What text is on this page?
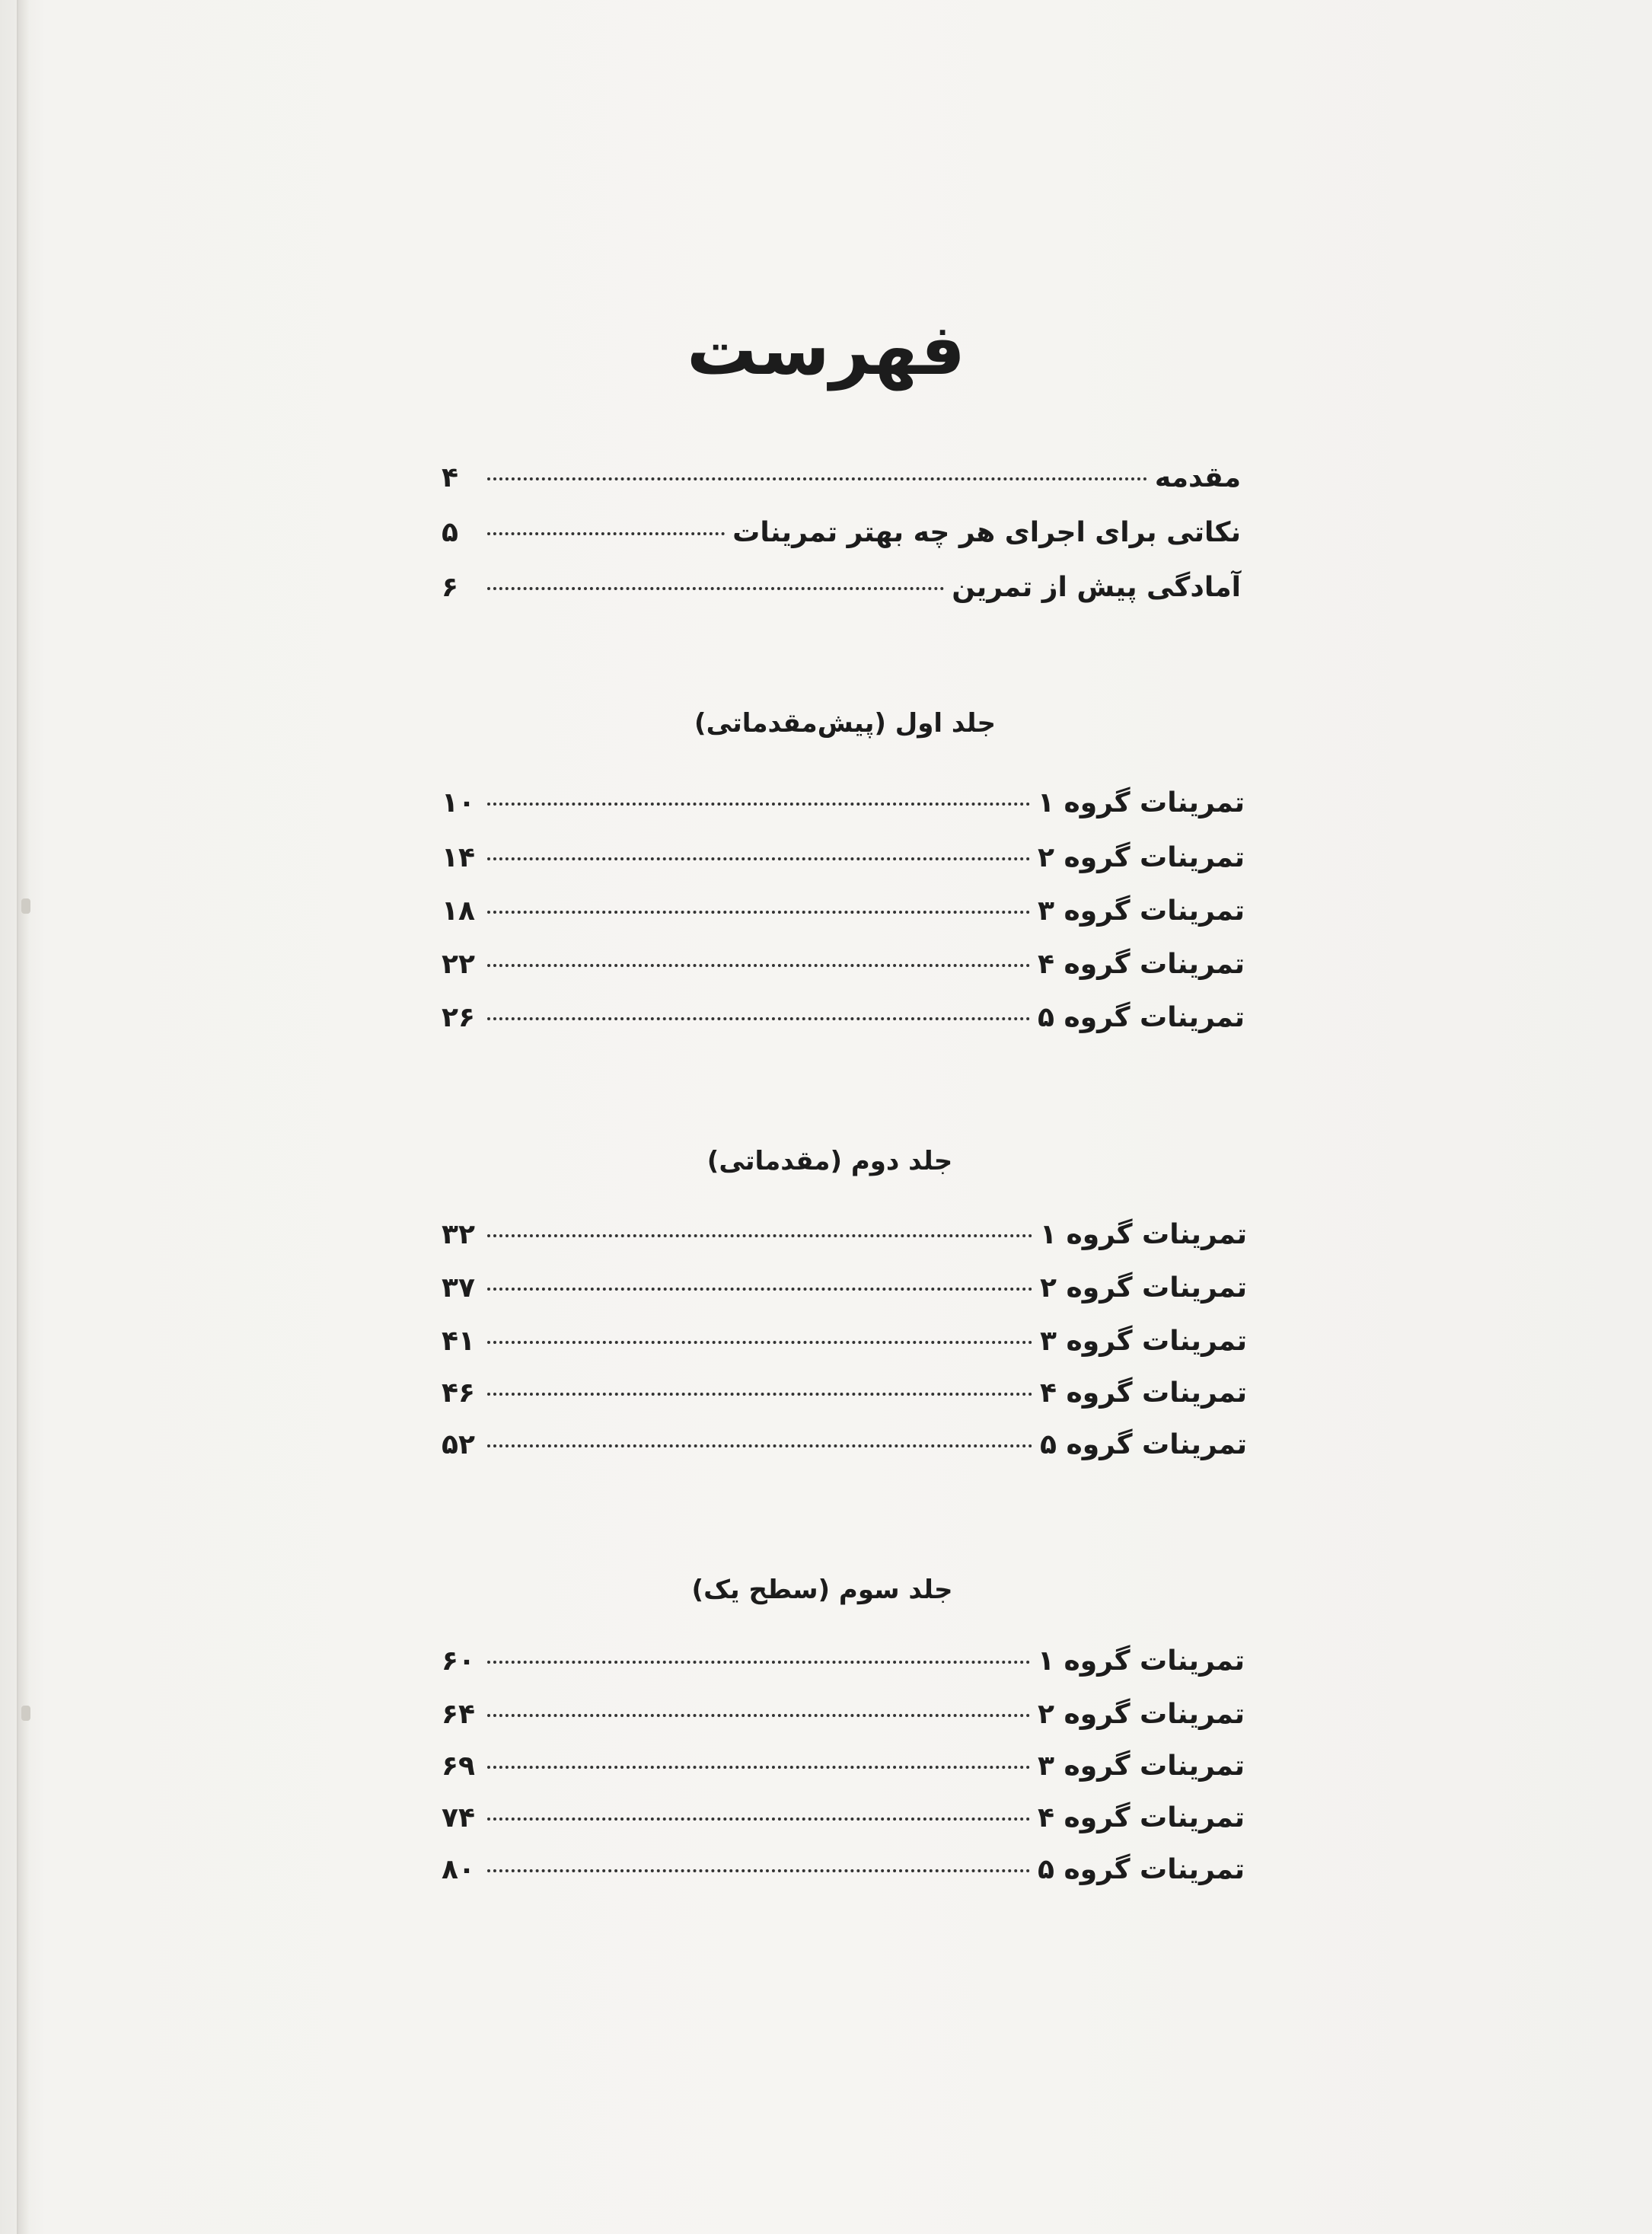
فهرست
مقدمه
۴
نکاتی برای اجرای هر چه بهتر تمرینات
۵
آمادگی پیش از تمرین
۶
جلد اول (پیش‌مقدماتی)
تمرینات گروه ۱
۱۰
تمرینات گروه ۲
۱۴
تمرینات گروه ۳
۱۸
تمرینات گروه ۴
۲۲
تمرینات گروه ۵
۲۶
جلد دوم (مقدماتی)
تمرینات گروه ۱
۳۲
تمرینات گروه ۲
۳۷
تمرینات گروه ۳
۴۱
تمرینات گروه ۴
۴۶
تمرینات گروه ۵
۵۲
جلد سوم (سطح یک)
تمرینات گروه ۱
۶۰
تمرینات گروه ۲
۶۴
تمرینات گروه ۳
۶۹
تمرینات گروه ۴
۷۴
تمرینات گروه ۵
۸۰
